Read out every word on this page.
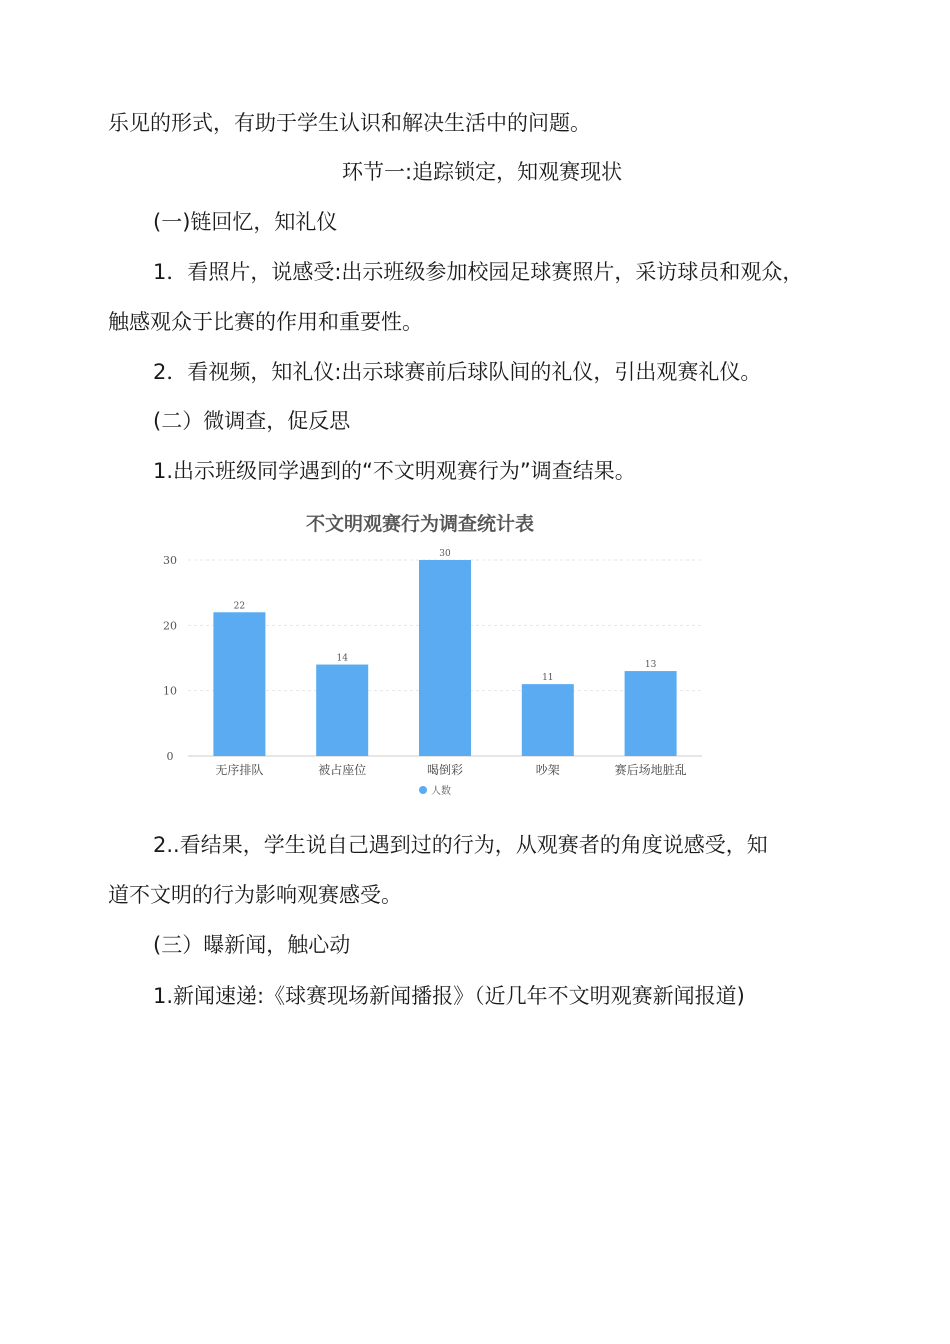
乐见的形式，有助于学生认识和解决生活中的问题。
环节一:追踪锁定，知观赛现状
(一)链回忆，知礼仪
1．看照片，说感受:出示班级参加校园足球赛照片，采访球员和观众，
触感观众于比赛的作用和重要性。
2．看视频，知礼仪:出示球赛前后球队间的礼仪，引出观赛礼仪。
(二）微调查，促反思
1.出示班级同学遇到的“不文明观赛行为”调查结果。
不文明观赛行为调查统计表
0
10
20
30
22
无序排队
14
被占座位
30
喝倒彩
11
吵架
13
赛后场地脏乱
人数
2..看结果，学生说自己遇到过的行为，从观赛者的角度说感受，知
道不文明的行为影响观赛感受。
(三）曝新闻，触心动
1.新闻速递:《球赛现场新闻播报》（近几年不文明观赛新闻报道)
